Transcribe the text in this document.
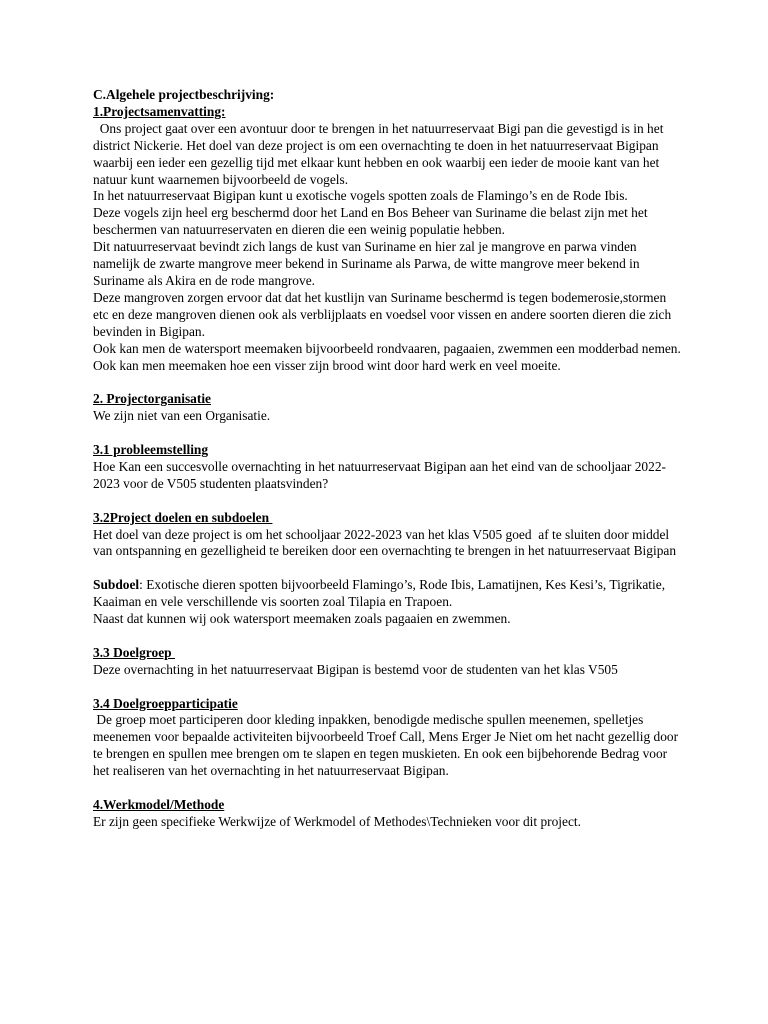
C.Algehele projectbeschrijving:

1.Projectsamenvatting:

Ons project gaat over een avontuur door te brengen in het natuurreservaat Bigi pan die gevestigd is in het district Nickerie. Het doel van deze project is om een overnachting te doen in het natuurreservaat Bigipan waarbij een ieder een gezellig tijd met elkaar kunt hebben en ook waarbij een ieder de mooie kant van het natuur kunt waarnemen bijvoorbeeld de vogels.

In het natuurreservaat Bigipan kunt u exotische vogels spotten zoals de Flamingo’s en de Rode Ibis.

Deze vogels zijn heel erg beschermd door het Land en Bos Beheer van Suriname die belast zijn met het beschermen van natuurreservaten en dieren die een weinig populatie hebben.

Dit natuurreservaat bevindt zich langs de kust van Suriname en hier zal je mangrove en parwa vinden namelijk de zwarte mangrove meer bekend in Suriname als Parwa, de witte mangrove meer bekend in Suriname als Akira en de rode mangrove.

Deze mangroven zorgen ervoor dat dat het kustlijn van Suriname beschermd is tegen bodemerosie,stormen etc en deze mangroven dienen ook als verblijplaats en voedsel voor vissen en andere soorten dieren die zich bevinden in Bigipan.

Ook kan men de watersport meemaken bijvoorbeeld rondvaaren, pagaaien, zwemmen een modderbad nemen.

Ook kan men meemaken hoe een visser zijn brood wint door hard werk en veel moeite.

2. Projectorganisatie

We zijn niet van een Organisatie.

3.1 probleemstelling

Hoe Kan een succesvolle overnachting in het natuurreservaat Bigipan aan het eind van de schooljaar 2022-2023 voor de V505 studenten plaatsvinden?

3.2Project doelen en subdoelen

Het doel van deze project is om het schooljaar 2022-2023 van het klas V505 goed  af te sluiten door middel van ontspanning en gezelligheid te bereiken door een overnachting te brengen in het natuurreservaat Bigipan

Subdoel: Exotische dieren spotten bijvoorbeeld Flamingo’s, Rode Ibis, Lamatijnen, Kes Kesi’s, Tigrikatie, Kaaiman en vele verschillende vis soorten zoal Tilapia en Trapoen.

Naast dat kunnen wij ook watersport meemaken zoals pagaaien en zwemmen.

3.3 Doelgroep

Deze overnachting in het natuurreservaat Bigipan is bestemd voor de studenten van het klas V505

3.4 Doelgroepparticipatie

De groep moet participeren door kleding inpakken, benodigde medische spullen meenemen, spelletjes meenemen voor bepaalde activiteiten bijvoorbeeld Troef Call, Mens Erger Je Niet om het nacht gezellig door te brengen en spullen mee brengen om te slapen en tegen muskieten. En ook een bijbehorende Bedrag voor het realiseren van het overnachting in het natuurreservaat Bigipan.

4.Werkmodel/Methode

Er zijn geen specifieke Werkwijze of Werkmodel of Methodes\Technieken voor dit project.
